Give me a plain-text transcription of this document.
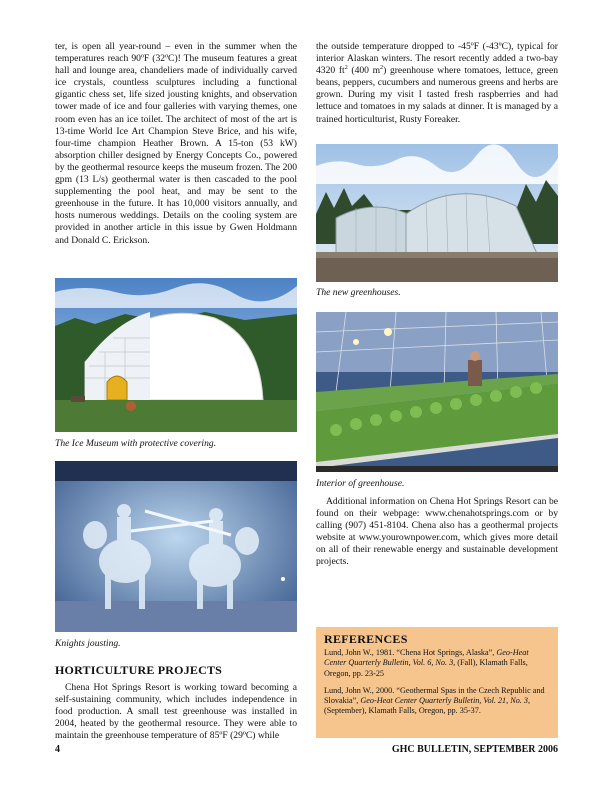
ter, is open all year-round – even in the summer when the temperatures reach 90ºF (32ºC)! The museum features a great hall and lounge area, chandeliers made of individually carved ice crystals, countless sculptures including a functional gigantic chess set, life sized jousting knights, and observation tower made of ice and four galleries with varying themes, one room even has an ice toilet. The architect of most of the art is 13-time World Ice Art Champion Steve Brice, and his wife, four-time champion Heather Brown. A 15-ton (53 kW) absorption chiller designed by Energy Concepts Co., powered by the geothermal resource keeps the museum frozen. The 200 gpm (13 L/s) geothermal water is then cascaded to the pool supplementing the pool heat, and may be sent to the greenhouse in the future. It has 10,000 visitors annually, and hosts numerous weddings. Details on the cooling system are provided in another article in this issue by Gwen Holdmann and Donald C. Erickson.

the outside temperature dropped to -45ºF (-43ºC), typical for interior Alaskan winters. The resort recently added a two-bay 4320 $ft^2$ (400 $m^2$) greenhouse where tomatoes, lettuce, green beans, peppers, cucumbers and numerous greens and herbs are grown. During my visit I tasted fresh raspberries and had lettuce and tomatoes in my salads at dinner. It is managed by a trained horticulturist, Rusty Foreaker.

The new greenhouses.
The Ice Museum with protective covering.
Interior of greenhouse.

Additional information on Chena Hot Springs Resort can be found on their webpage: www.chenahotsprings.com or by calling (907) 451-8104. Chena also has a geothermal projects website at www.yourownpower.com, which gives more detail on all of their renewable energy and sustainable development projects.

Knights jousting.
HORTICULTURE PROJECTS

Chena Hot Springs Resort is working toward becoming a self-sustaining community, which includes independence in food production. A small test greenhouse was installed in 2004, heated by the geothermal resource. They were able to maintain the greenhouse temperature of 85ºF (29ºC) while

REFERENCES

Lund, John W., 1981. “Chena Hot Springs, Alaska”, Geo-Heat Center Quarterly Bulletin, Vol. 6, No. 3, (Fall), Klamath Falls, Oregon, pp. 23-25

Lund, John W., 2000. “Geothermal Spas in the Czech Republic and Slovakia”, Geo-Heat Center Quarterly Bulletin, Vol. 21, No. 3, (September), Klamath Falls, Oregon, pp. 35-37.

4	GHC BULLETIN, SEPTEMBER 2006
